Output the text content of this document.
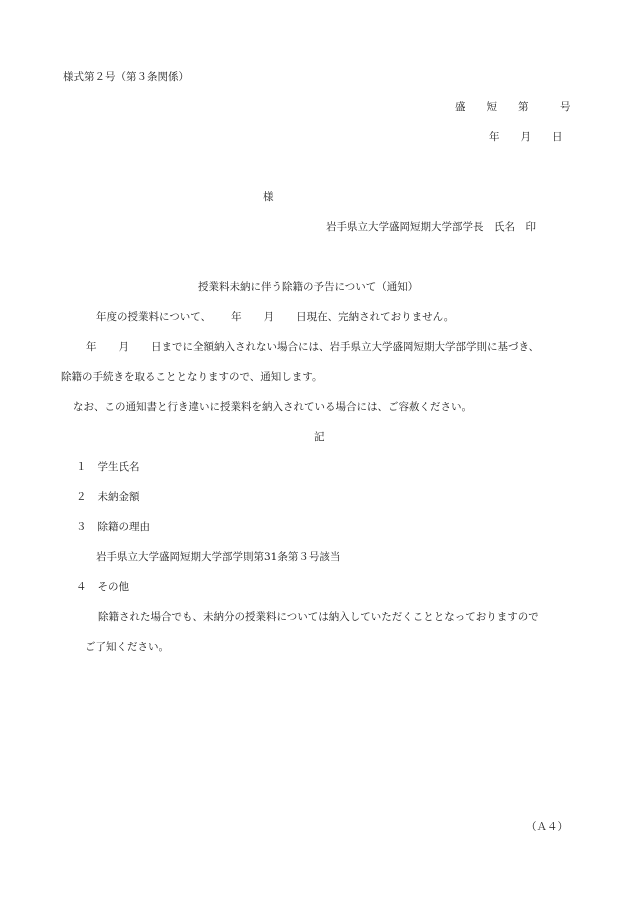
様式第２号（第３条関係）
盛　　短　　第　　　号
年　　月　　日
様
岩手県立大学盛岡短期大学部学長　氏名　印
授業料未納に伴う除籍の予告について（通知）
年度の授業料について、 年 月 日現在、完納されておりません。
年 月 日までに全額納入されない場合には、岩手県立大学盛岡短期大学部学則に基づき、
除籍の手続きを取ることとなりますので、通知します。
なお、この通知書と行き違いに授業料を納入されている場合には、ご容赦ください。
記
１ 学生氏名
２ 未納金額
３ 除籍の理由
岩手県立大学盛岡短期大学部学則第31条第３号該当
４ その他
除籍された場合でも、未納分の授業料については納入していただくこととなっておりますので
ご了知ください。
（Ａ４）
